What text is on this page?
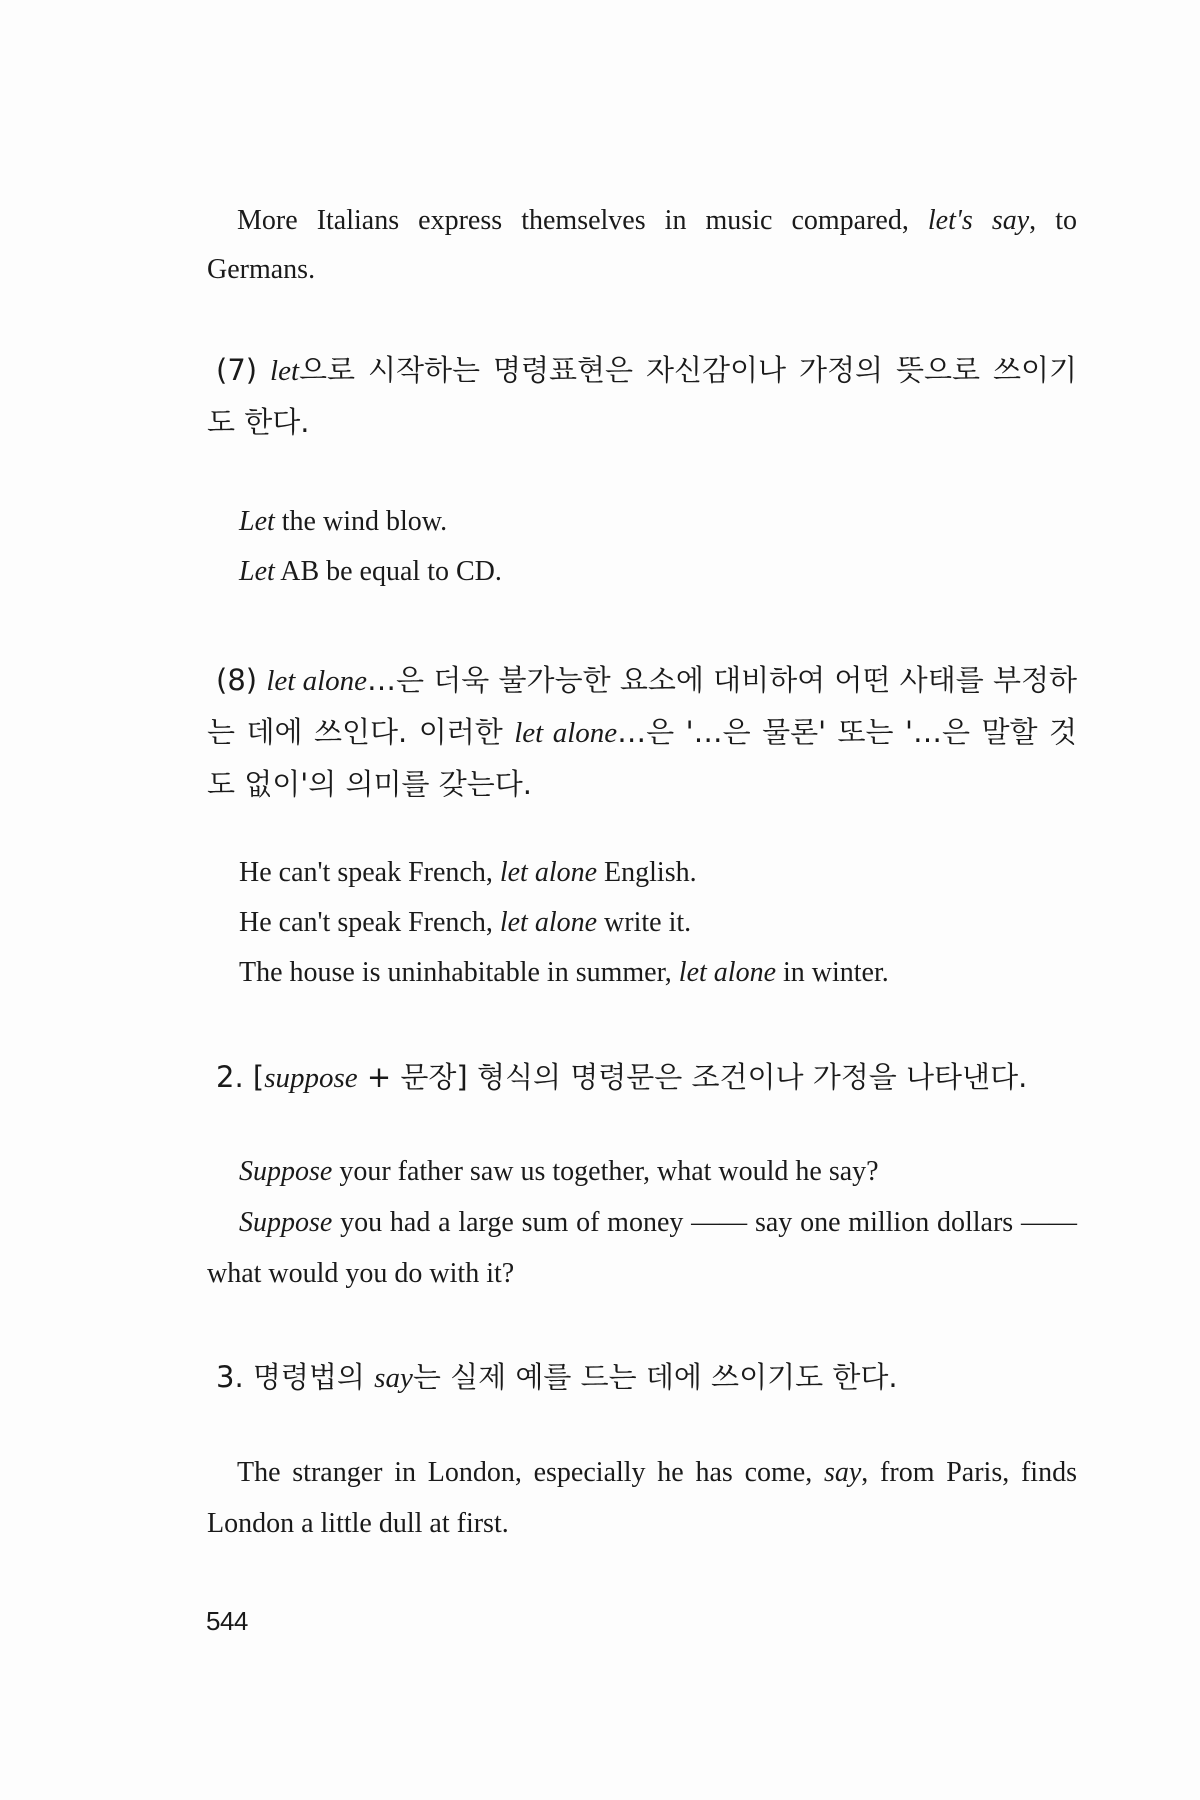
More Italians express themselves in music compared, let's say, to Germans.
(7) let으로 시작하는 명령표현은 자신감이나 가정의 뜻으로 쓰이기도 한다.
Let the wind blow.
Let AB be equal to CD.
(8) let alone…은 더욱 불가능한 요소에 대비하여 어떤 사태를 부정하는 데에 쓰인다. 이러한 let alone…은 '…은 물론' 또는 '…은 말할 것도 없이'의 의미를 갖는다.
He can't speak French, let alone English.
He can't speak French, let alone write it.
The house is uninhabitable in summer, let alone in winter.
2. [suppose + 문장] 형식의 명령문은 조건이나 가정을 나타낸다.
Suppose your father saw us together, what would he say?
Suppose you had a large sum of money —— say one million dollars —— what would you do with it?
3. 명령법의 say는 실제 예를 드는 데에 쓰이기도 한다.
The stranger in London, especially he has come, say, from Paris, finds London a little dull at first.
544
